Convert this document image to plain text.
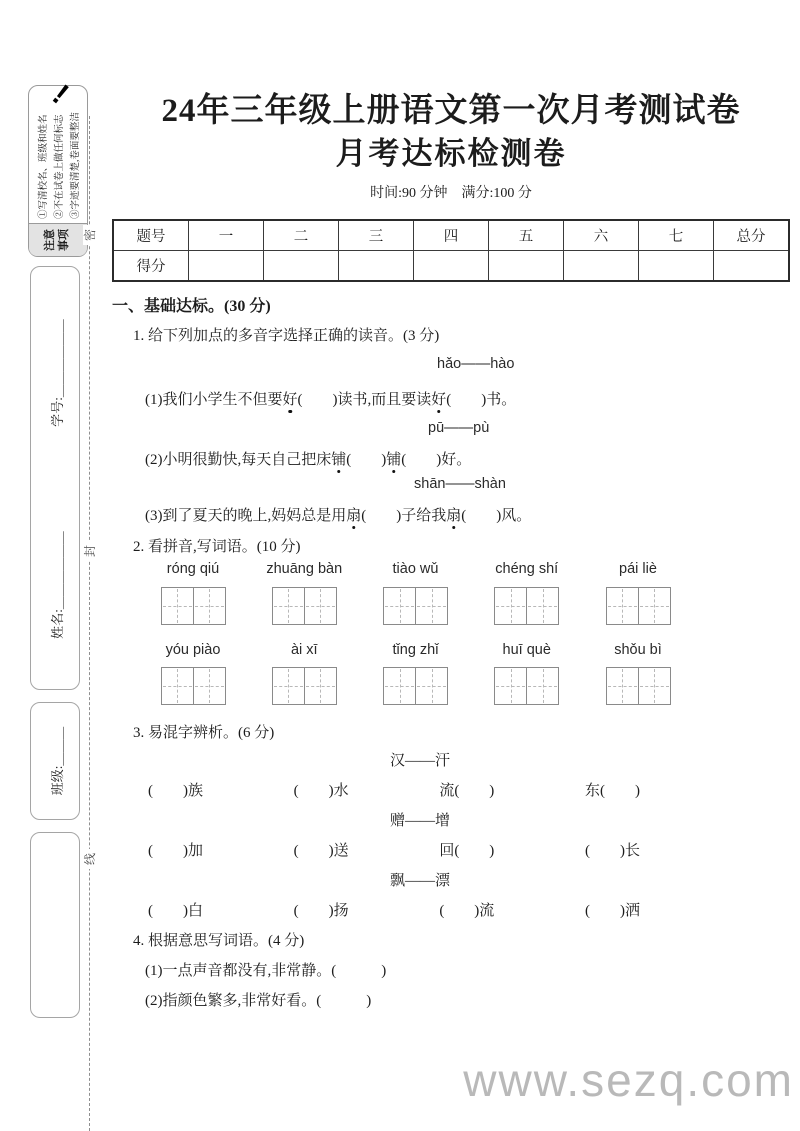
注意 事项
①写清校名、班级和姓名 ②不在试卷上做任何标志 ③字迹要清楚,卷面要整洁
!
姓名:＿＿＿＿＿＿
学号:＿＿＿＿＿＿
班级:＿＿＿
密
封
线
24年三年级上册语文第一次月考测试卷
月考达标检测卷
时间:90 分钟　满分:100 分
题号	一	二	三	四	五	六	七	总分
得分								
一、基础达标。(30 分)
1. 给下列加点的多音字选择正确的读音。(3 分)
hǎo——hào
(1)我们小学生不但要好(　　)读书,而且要读好(　　)书。
pū——pù
(2)小明很勤快,每天自己把床铺(　　)铺(　　)好。
shān——shàn
(3)到了夏天的晚上,妈妈总是用扇(　　)子给我扇(　　)风。
2. 看拼音,写词语。(10 分)
róng qiú	zhuāng bàn	tiào wǔ	chéng shí	pái liè
yóu piào	ài xī	tǐng zhǐ	huī què	shǒu bì
3. 易混字辨析。(6 分)
汉——汗
(　　)族	(　　)水	流(　　)	东(　　)
赠——增
(　　)加	(　　)送	回(　　)	(　　)长
飘——漂
(　　)白	(　　)扬	(　　)流	(　　)洒
4. 根据意思写词语。(4 分)
(1)一点声音都没有,非常静。(　　　)
(2)指颜色繁多,非常好看。(　　　)
www.sezq.com
